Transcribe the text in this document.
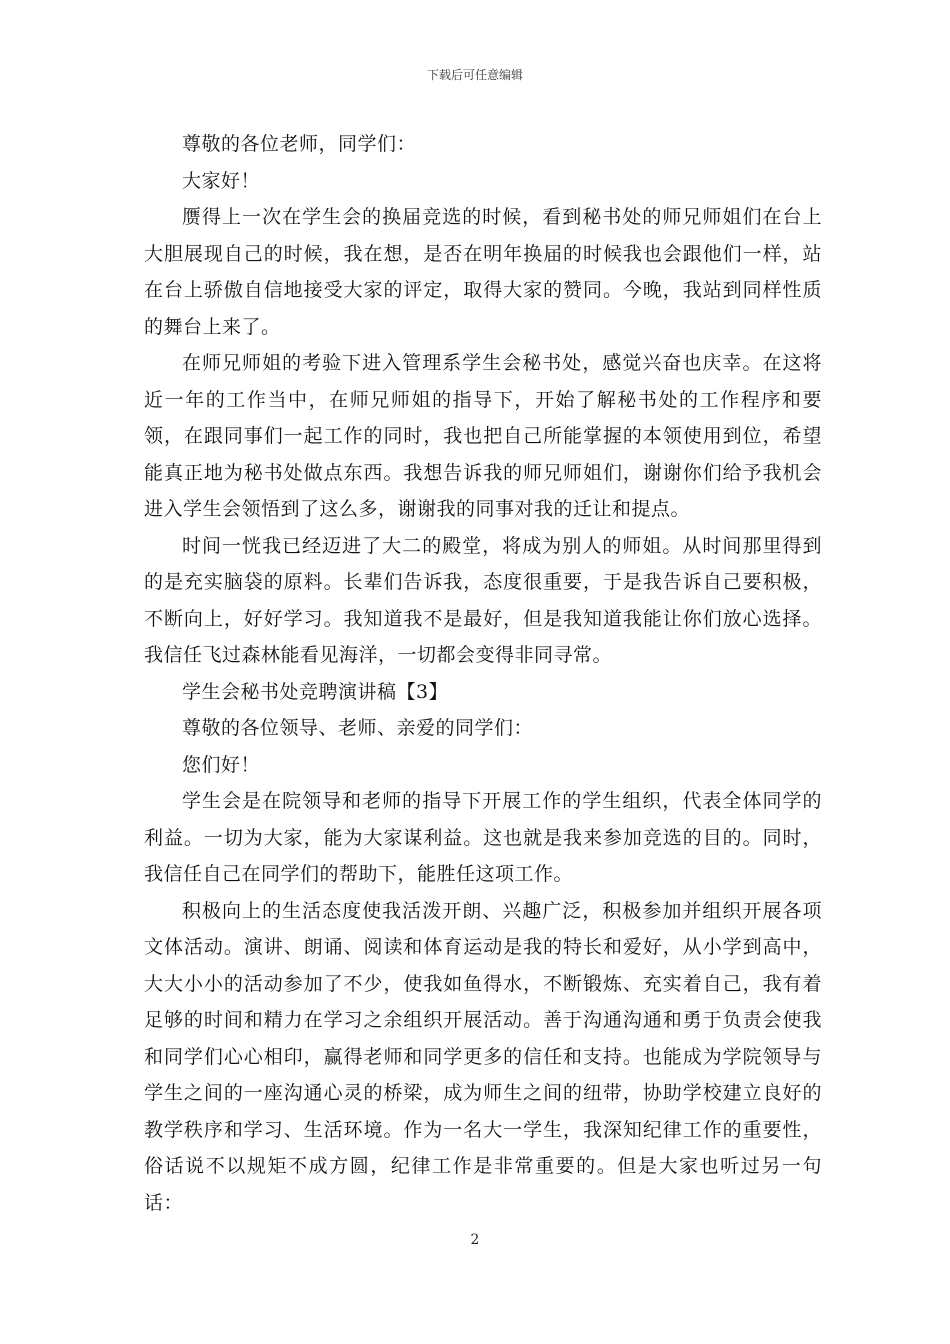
下载后可任意编辑

尊敬的各位老师，同学们：

大家好！

赝得上一次在学生会的换届竞选的时候，看到秘书处的师兄师姐们在台上大胆展现自己的时候，我在想，是否在明年换届的时候我也会跟他们一样，站在台上骄傲自信地接受大家的评定，取得大家的赞同。今晚，我站到同样性质的舞台上来了。

在师兄师姐的考验下进入管理系学生会秘书处，感觉兴奋也庆幸。在这将近一年的工作当中，在师兄师姐的指导下，开始了解秘书处的工作程序和要领，在跟同事们一起工作的同时，我也把自己所能掌握的本领使用到位，希望能真正地为秘书处做点东西。我想告诉我的师兄师姐们，谢谢你们给予我机会进入学生会领悟到了这么多，谢谢我的同事对我的迁让和提点。

时间一恍我已经迈进了大二的殿堂，将成为别人的师姐。从时间那里得到的是充实脑袋的原料。长辈们告诉我，态度很重要，于是我告诉自己要积极，不断向上，好好学习。我知道我不是最好，但是我知道我能让你们放心选择。我信任飞过森林能看见海洋，一切都会变得非同寻常。

学生会秘书处竞聘演讲稿【3】

尊敬的各位领导、老师、亲爱的同学们：

您们好！

学生会是在院领导和老师的指导下开展工作的学生组织，代表全体同学的利益。一切为大家，能为大家谋利益。这也就是我来参加竞选的目的。同时，我信任自己在同学们的帮助下，能胜任这项工作。

积极向上的生活态度使我活泼开朗、兴趣广泛，积极参加并组织开展各项文体活动。演讲、朗诵、阅读和体育运动是我的特长和爱好，从小学到高中，大大小小的活动参加了不少，使我如鱼得水，不断锻炼、充实着自己，我有着足够的时间和精力在学习之余组织开展活动。善于沟通沟通和勇于负责会使我和同学们心心相印，赢得老师和同学更多的信任和支持。也能成为学院领导与学生之间的一座沟通心灵的桥梁，成为师生之间的纽带，协助学校建立良好的教学秩序和学习、生活环境。作为一名大一学生，我深知纪律工作的重要性，俗话说不以规矩不成方圆，纪律工作是非常重要的。但是大家也听过另一句话：

2
